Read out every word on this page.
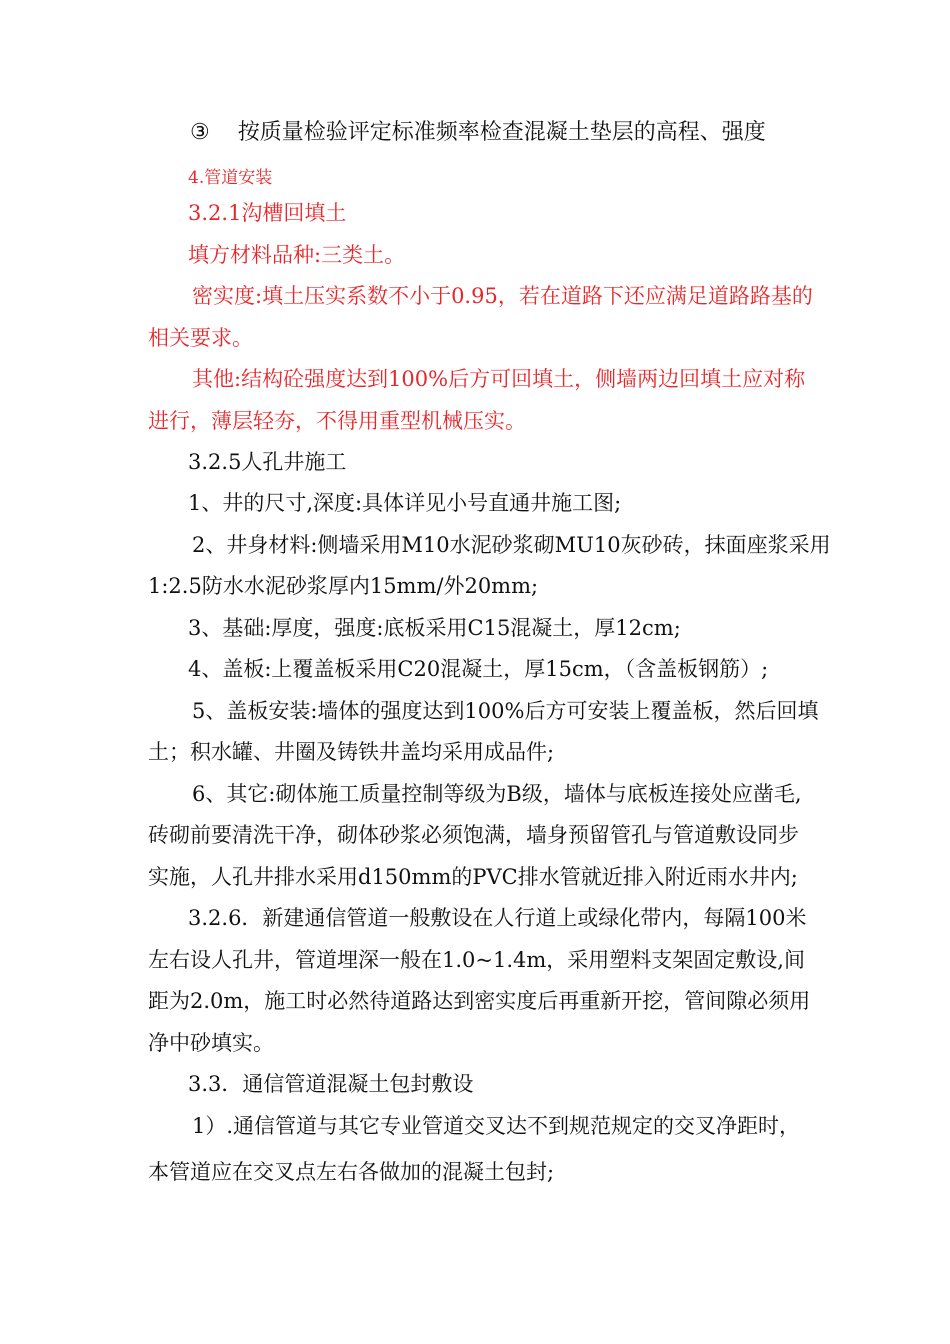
③ 按质量检验评定标准频率检查混凝土垫层的高程、强度
4.管道安装
3.2.1沟槽回填土
填方材料品种:三类土。
密实度:填土压实系数不小于0.95，若在道路下还应满足道路路基的
相关要求。
其他:结构砼强度达到100%后方可回填土，侧墙两边回填土应对称
进行，薄层轻夯，不得用重型机械压实。
3.2.5人孔井施工
1、井的尺寸,深度:具体详见小号直通井施工图;
2、井身材料:侧墙采用M10水泥砂浆砌MU10灰砂砖，抹面座浆采用
1:2.5防水水泥砂浆厚内15mm/外20mm;
3、基础:厚度，强度:底板采用C15混凝土，厚12cm;
4、盖板:上覆盖板采用C20混凝土，厚15cm，（含盖板钢筋）;
5、盖板安装:墙体的强度达到100%后方可安装上覆盖板，然后回填
土；积水罐、井圈及铸铁井盖均采用成品件;
6、其它:砌体施工质量控制等级为B级，墙体与底板连接处应凿毛,
砖砌前要清洗干净，砌体砂浆必须饱满，墙身预留管孔与管道敷设同步
实施，人孔井排水采用d150mm的PVC排水管就近排入附近雨水井内;
3.2.6．新建通信管道一般敷设在人行道上或绿化带内，每隔100米
左右设人孔井，管道埋深一般在1.0~1.4m，采用塑料支架固定敷设,间
距为2.0m，施工时必然待道路达到密实度后再重新开挖，管间隙必须用
净中砂填实。
3.3．通信管道混凝土包封敷设
1）.通信管道与其它专业管道交叉达不到规范规定的交叉净距时，
本管道应在交叉点左右各做加的混凝土包封;
